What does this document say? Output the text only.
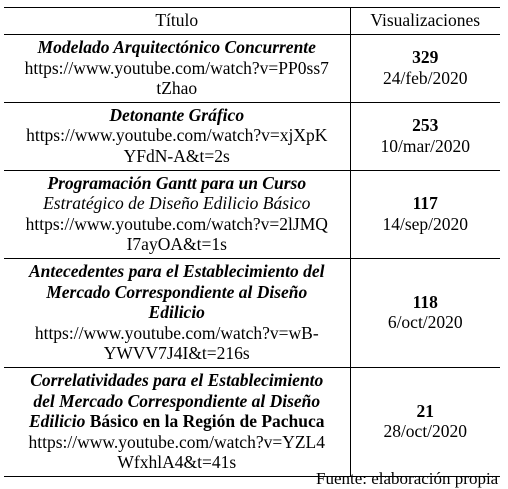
Título	Visualizaciones
Modelado Arquitectónico Concurrente
https://www.youtube.com/watch?v=PP0ss7
tZhao	329
24/feb/2020

Detonante Gráfico
https://www.youtube.com/watch?v=xjXpK
YFdN-A&t=2s	253
10/mar/2020

Programación Gantt para un Curso
Estratégico de Diseño Edilicio Básico
https://www.youtube.com/watch?v=2lJMQ
I7ayOA&t=1s	117
14/sep/2020

Antecedentes para el Establecimiento del
Mercado Correspondiente al Diseño
Edilicio
https://www.youtube.com/watch?v=wB-
YWVV7J4I&t=216s	118
6/oct/2020

Correlatividades para el Establecimiento
del Mercado Correspondiente al Diseño
Edilicio Básico en la Región de Pachuca
https://www.youtube.com/watch?v=YZL4
WfxhlA4&t=41s	21
28/oct/2020
Fuente: elaboración propia
